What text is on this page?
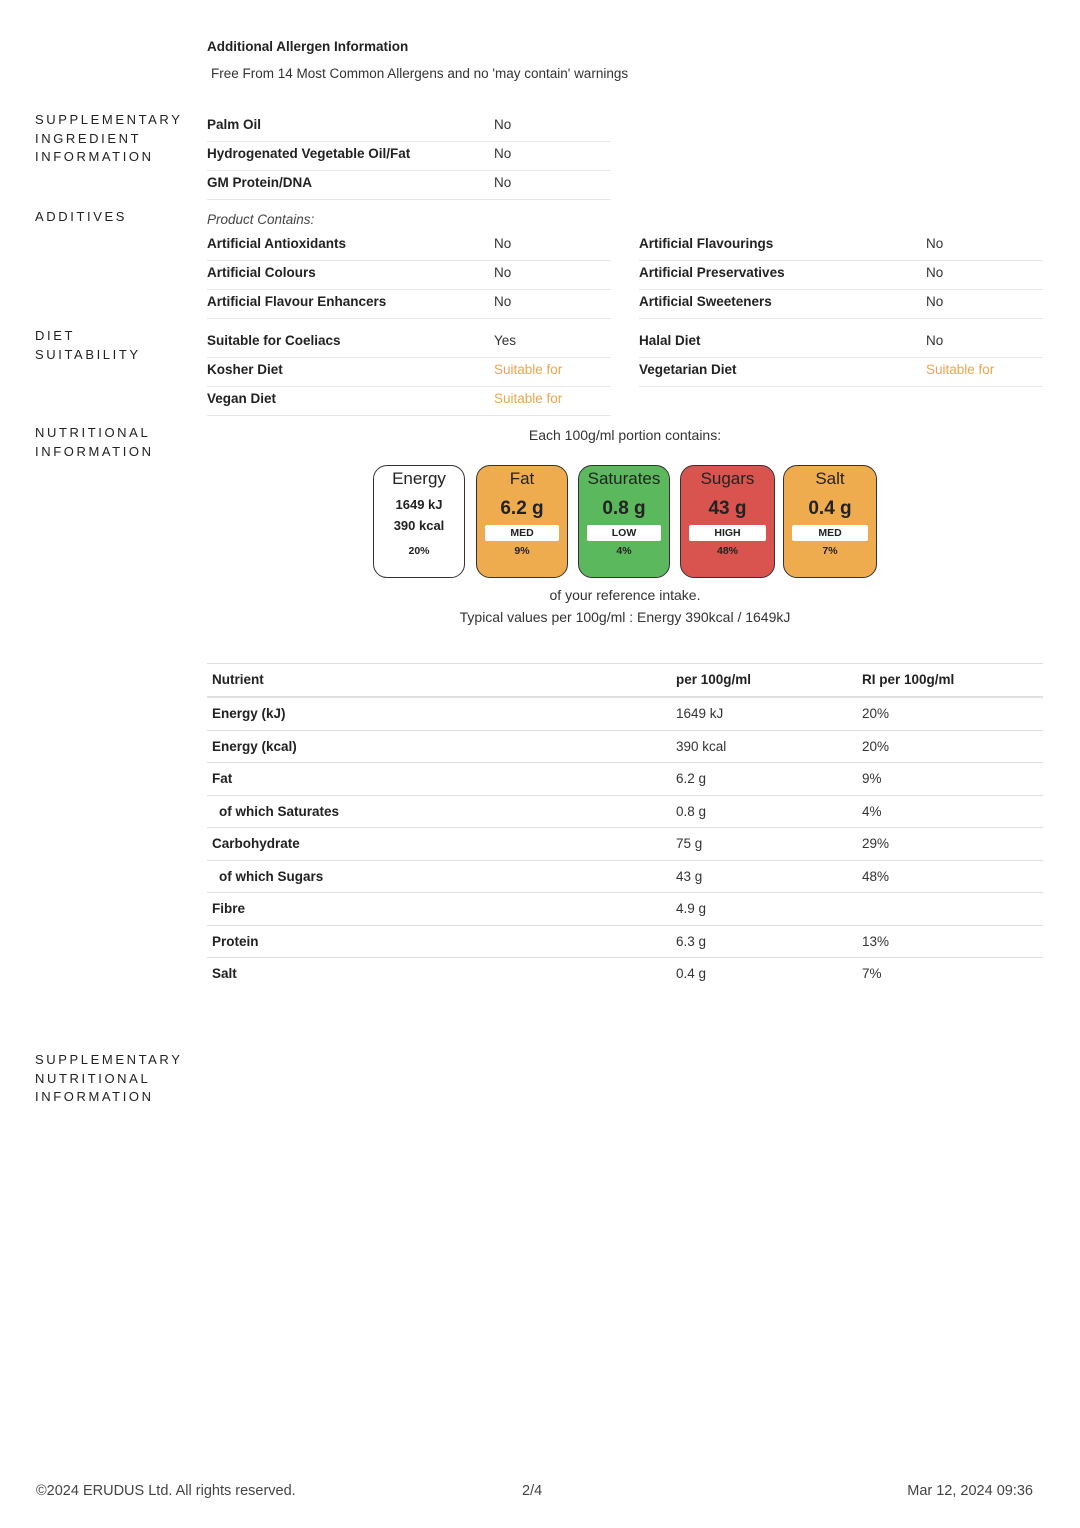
Additional Allergen Information
Free From 14 Most Common Allergens and no 'may contain' warnings
SUPPLEMENTARY
INGREDIENT
INFORMATION
Palm Oil	No
Hydrogenated Vegetable Oil/Fat	No
GM Protein/DNA	No
ADDITIVES	Product Contains:
Artificial Antioxidants	No
Artificial Colours	No
Artificial Flavour Enhancers	No
Artificial Flavourings	No
Artificial Preservatives	No
Artificial Sweeteners	No
DIET
SUITABILITY
Suitable for Coeliacs	Yes
Kosher Diet	Suitable for
Vegan Diet	Suitable for
Halal Diet	No
Vegetarian Diet	Suitable for
NUTRITIONAL
INFORMATION
Each 100g/ml portion contains:
Energy
1649 kJ
390 kcal
20%
Fat
6.2 g
MED
9%
Saturates
0.8 g
LOW
4%
Sugars
43 g
HIGH
48%
Salt
0.4 g
MED
7%
of your reference intake.
Typical values per 100g/ml : Energy 390kcal / 1649kJ
Nutrient	per 100g/ml	RI per 100g/ml
Energy (kJ)	1649 kJ	20%
Energy (kcal)	390 kcal	20%
Fat	6.2 g	9%
of which Saturates	0.8 g	4%
Carbohydrate	75 g	29%
of which Sugars	43 g	48%
Fibre	4.9 g
Protein	6.3 g	13%
Salt	0.4 g	7%
SUPPLEMENTARY
NUTRITIONAL
INFORMATION
©2024 ERUDUS Ltd. All rights reserved.	2/4	Mar 12, 2024 09:36
